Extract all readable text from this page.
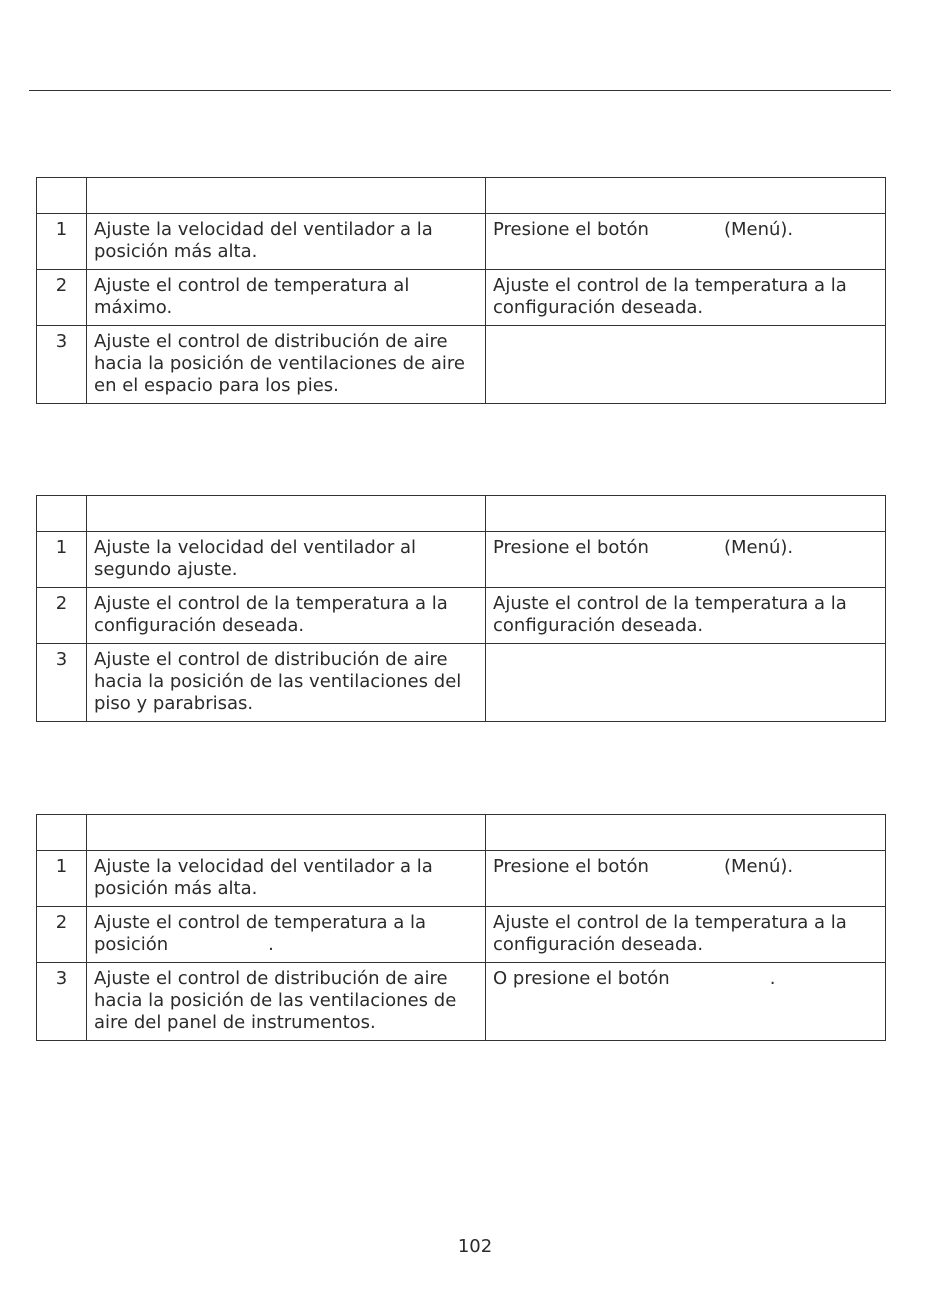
1	Ajuste la velocidad del ventilador a la posición más alta.	Presione el botón (Menú).
2	Ajuste el control de temperatura al máximo.	Ajuste el control de la temperatura a la configuración deseada.
3	Ajuste el control de distribución de aire hacia la posición de ventilaciones de aire en el espacio para los pies.	

1	Ajuste la velocidad del ventilador al segundo ajuste.	Presione el botón (Menú).
2	Ajuste el control de la temperatura a la configuración deseada.	Ajuste el control de la temperatura a la configuración deseada.
3	Ajuste el control de distribución de aire hacia la posición de las ventilaciones del piso y parabrisas.	

1	Ajuste la velocidad del ventilador a la posición más alta.	Presione el botón (Menú).
2	Ajuste el control de temperatura a la posición .	Ajuste el control de la temperatura a la configuración deseada.
3	Ajuste el control de distribución de aire hacia la posición de las ventilaciones de aire del panel de instrumentos.	O presione el botón .
102
